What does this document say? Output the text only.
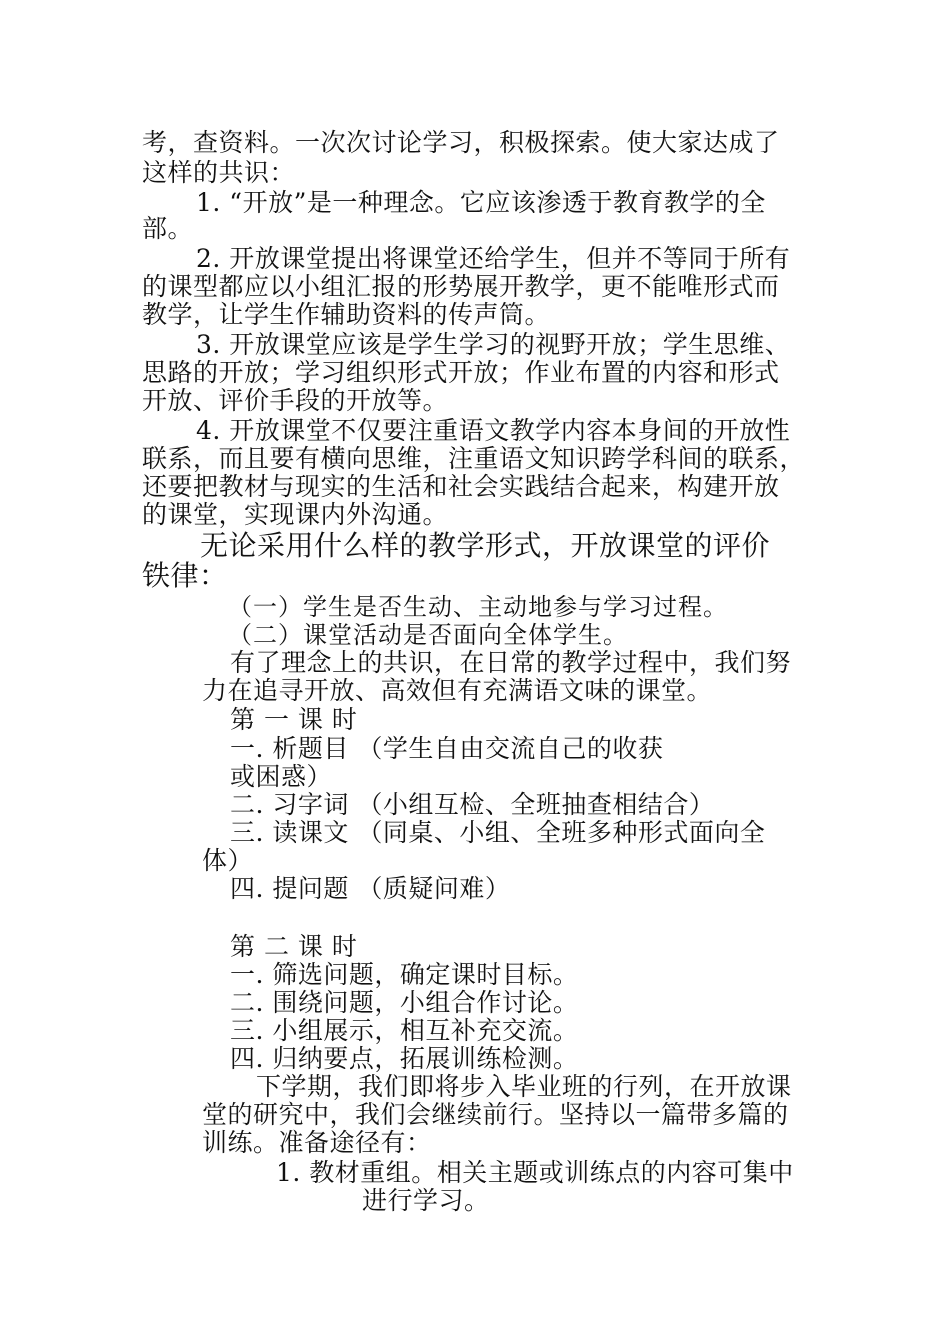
考，查资料。一次次讨论学习，积极探索。使大家达成了
这样的共识：
1. “开放”是一种理念。它应该渗透于教育教学的全
部。
2. 开放课堂提出将课堂还给学生，但并不等同于所有
的课型都应以小组汇报的形势展开教学，更不能唯形式而
教学，让学生作辅助资料的传声筒。
3. 开放课堂应该是学生学习的视野开放；学生思维、
思路的开放；学习组织形式开放；作业布置的内容和形式
开放、评价手段的开放等。
4. 开放课堂不仅要注重语文教学内容本身间的开放性
联系，而且要有横向思维，注重语文知识跨学科间的联系，
还要把教材与现实的生活和社会实践结合起来，构建开放
的课堂，实现课内外沟通。
无论采用什么样的教学形式，开放课堂的评价
铁律：
（一）学生是否生动、主动地参与学习过程。
（二）课堂活动是否面向全体学生。
有了理念上的共识，在日常的教学过程中，我们努
力在追寻开放、高效但有充满语文味的课堂。
第 一 课 时
一. 析题目 （学生自由交流自己的收获
或困惑）
二. 习字词 （小组互检、全班抽查相结合）
三. 读课文 （同桌、小组、全班多种形式面向全
体）
四. 提问题 （质疑问难）
第 二 课 时
一. 筛选问题，确定课时目标。
二. 围绕问题，小组合作讨论。
三. 小组展示，相互补充交流。
四. 归纳要点，拓展训练检测。
下学期，我们即将步入毕业班的行列，在开放课
堂的研究中，我们会继续前行。坚持以一篇带多篇的
训练。准备途径有：
1. 教材重组。相关主题或训练点的内容可集中
进行学习。
